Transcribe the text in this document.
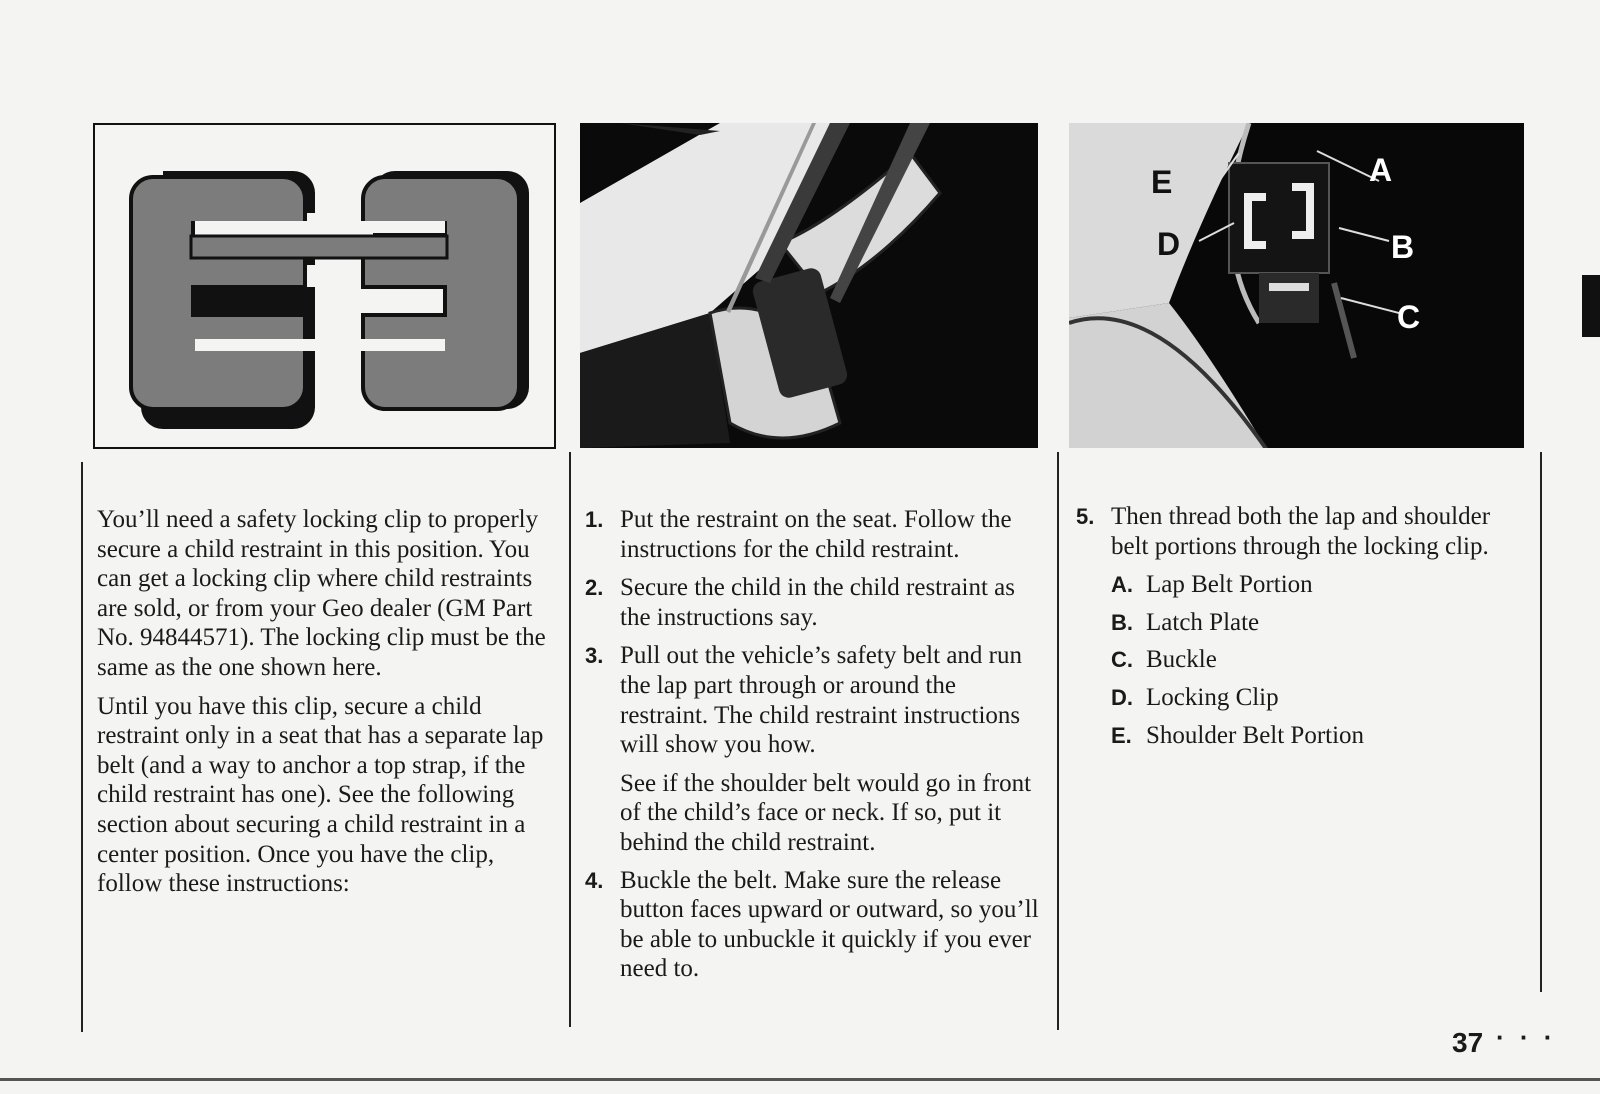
E
D
A
B
C

You’ll need a safety locking clip to properly secure a child restraint in this position. You can get a locking clip where child restraints are sold, or from your Geo dealer (GM Part No. 94844571). The locking clip must be the same as the one shown here.

Until you have this clip, secure a child restraint only in a seat that has a separate lap belt (and a way to anchor a top strap, if the child restraint has one). See the following section about securing a child restraint in a center position. Once you have the clip, follow these instructions:

1. Put the restraint on the seat. Follow the instructions for the child restraint.

2. Secure the child in the child restraint as the instructions say.

3. Pull out the vehicle’s safety belt and run the lap part through or around the restraint. The child restraint instructions will show you how.

See if the shoulder belt would go in front of the child’s face or neck. If so, put it behind the child restraint.

4. Buckle the belt. Make sure the release button faces upward or outward, so you’ll be able to unbuckle it quickly if you ever need to.

5. Then thread both the lap and shoulder belt portions through the locking clip.

A. Lap Belt Portion
B. Latch Plate
C. Buckle
D. Locking Clip
E. Shoulder Belt Portion
37 · · ·
